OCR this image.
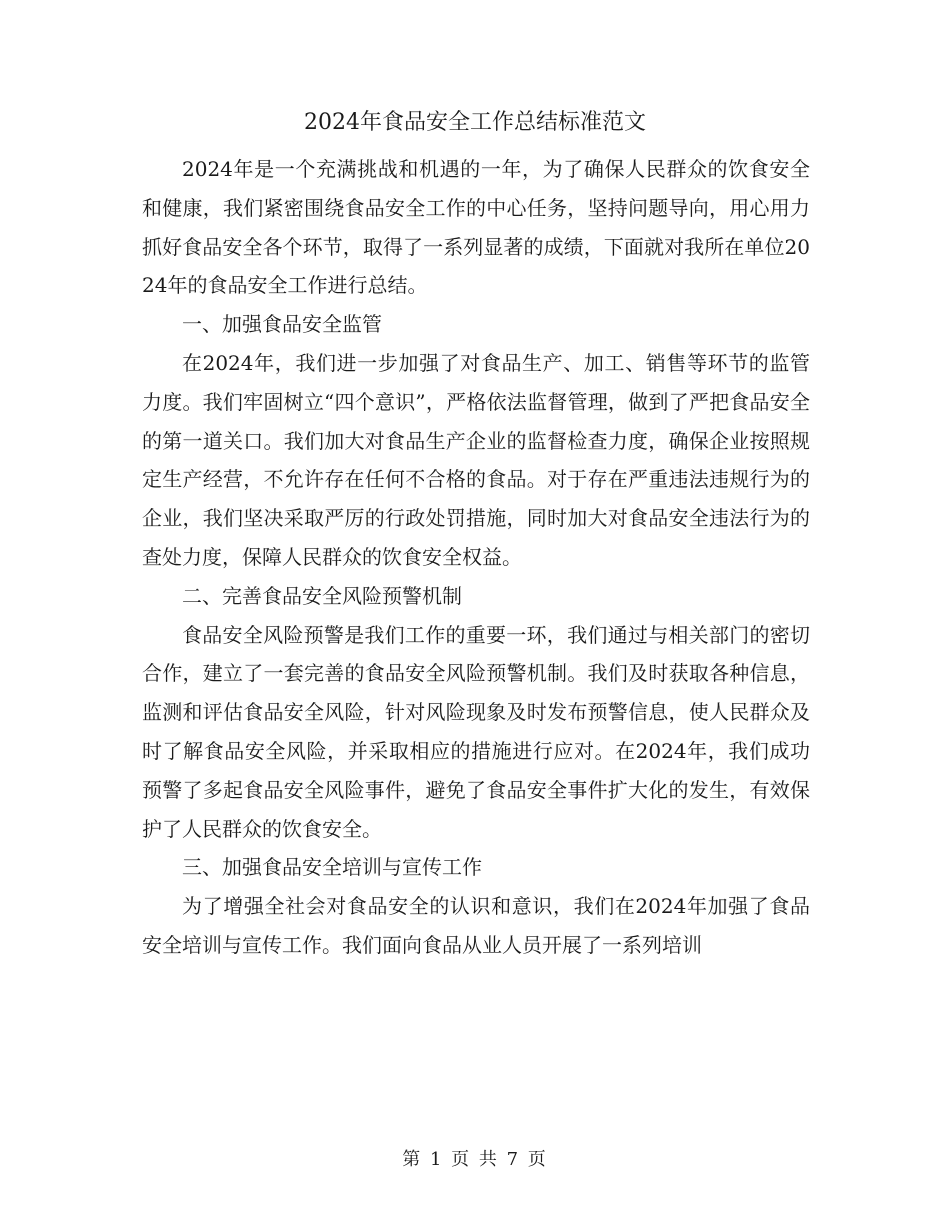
2024年食品安全工作总结标准范文

2024年是一个充满挑战和机遇的一年，为了确保人民群众的饮食安全和健康，我们紧密围绕食品安全工作的中心任务，坚持问题导向，用心用力抓好食品安全各个环节，取得了一系列显著的成绩，下面就对我所在单位2024年的食品安全工作进行总结。

一、加强食品安全监管

在2024年，我们进一步加强了对食品生产、加工、销售等环节的监管力度。我们牢固树立“四个意识”，严格依法监督管理，做到了严把食品安全的第一道关口。我们加大对食品生产企业的监督检查力度，确保企业按照规定生产经营，不允许存在任何不合格的食品。对于存在严重违法违规行为的企业，我们坚决采取严厉的行政处罚措施，同时加大对食品安全违法行为的查处力度，保障人民群众的饮食安全权益。

二、完善食品安全风险预警机制

食品安全风险预警是我们工作的重要一环，我们通过与相关部门的密切合作，建立了一套完善的食品安全风险预警机制。我们及时获取各种信息，监测和评估食品安全风险，针对风险现象及时发布预警信息，使人民群众及时了解食品安全风险，并采取相应的措施进行应对。在2024年，我们成功预警了多起食品安全风险事件，避免了食品安全事件扩大化的发生，有效保护了人民群众的饮食安全。

三、加强食品安全培训与宣传工作

为了增强全社会对食品安全的认识和意识，我们在2024年加强了食品安全培训与宣传工作。我们面向食品从业人员开展了一系列培训

第 1 页 共 7 页
